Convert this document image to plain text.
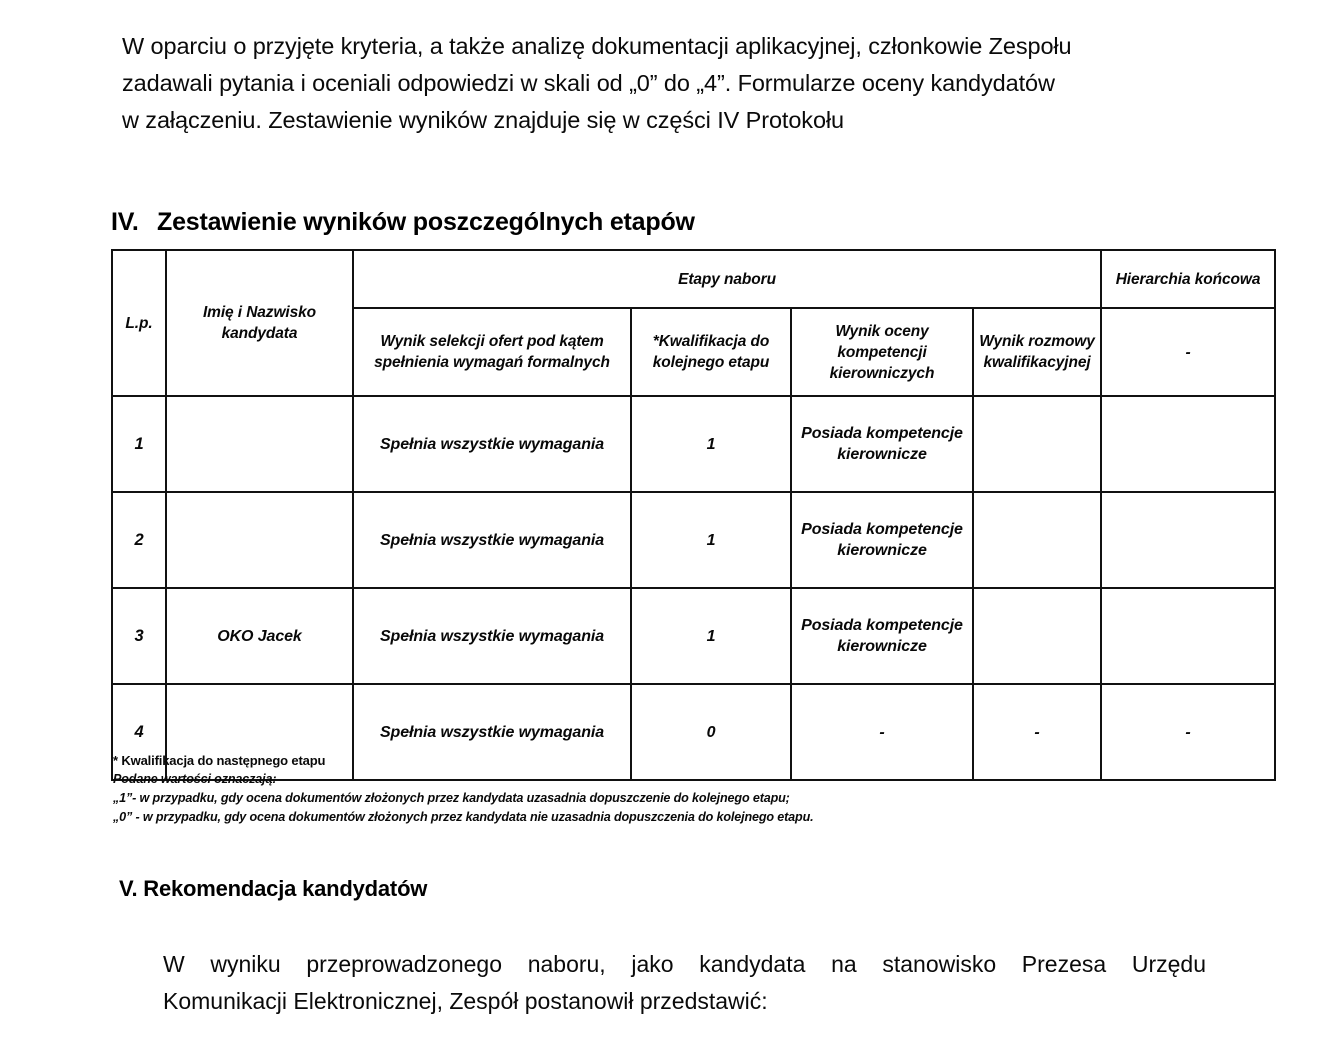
W oparciu o przyjęte kryteria, a także analizę dokumentacji aplikacyjnej, członkowie Zespołu
zadawali pytania i oceniali odpowiedzi w skali od „0” do „4”. Formularze oceny kandydatów
w załączeniu. Zestawienie wyników znajduje się w części IV Protokołu
IV. Zestawienie wyników poszczególnych etapów
L.p.	Imię i Nazwisko kandydata	Etapy naboru				Hierarchia końcowa
		Wynik selekcji ofert pod kątem spełnienia wymagań formalnych	*Kwalifikacja do kolejnego etapu	Wynik oceny kompetencji kierowniczych	Wynik rozmowy kwalifikacyjnej	-
1		Spełnia wszystkie wymagania	1	Posiada kompetencje kierownicze		
2		Spełnia wszystkie wymagania	1	Posiada kompetencje kierownicze		
3	OKO Jacek	Spełnia wszystkie wymagania	1	Posiada kompetencje kierownicze		
4		Spełnia wszystkie wymagania	0	-	-	-
* Kwalifikacja do następnego etapu
Podane wartości oznaczają:
„1”- w przypadku, gdy ocena dokumentów złożonych przez kandydata uzasadnia dopuszczenie do kolejnego etapu;
„0” - w przypadku, gdy ocena dokumentów złożonych przez kandydata nie uzasadnia dopuszczenia do kolejnego etapu.
V. Rekomendacja kandydatów
W wyniku przeprowadzonego naboru, jako kandydata na stanowisko Prezesa Urzędu
Komunikacji Elektronicznej, Zespół postanowił przedstawić:
